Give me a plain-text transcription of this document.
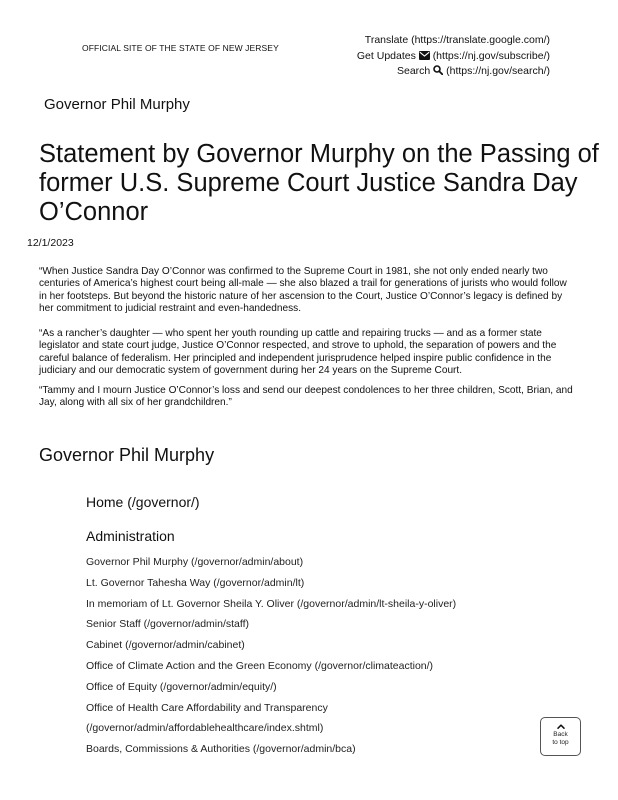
OFFICIAL SITE OF THE STATE OF NEW JERSEY
Translate (https://translate.google.com/)
Get Updates (https://nj.gov/subscribe/)
Search (https://nj.gov/search/)
Governor Phil Murphy
Statement by Governor Murphy on the Passing of former U.S. Supreme Court Justice Sandra Day O’Connor
12/1/2023

“When Justice Sandra Day O’Connor was confirmed to the Supreme Court in 1981, she not only ended nearly two centuries of America’s highest court being all-male — she also blazed a trail for generations of jurists who would follow in her footsteps. But beyond the historic nature of her ascension to the Court, Justice O’Connor’s legacy is defined by her commitment to judicial restraint and even-handedness.

“As a rancher’s daughter — who spent her youth rounding up cattle and repairing trucks — and as a former state legislator and state court judge, Justice O’Connor respected, and strove to uphold, the separation of powers and the careful balance of federalism. Her principled and independent jurisprudence helped inspire public confidence in the judiciary and our democratic system of government during her 24 years on the Supreme Court.

“Tammy and I mourn Justice O’Connor’s loss and send our deepest condolences to her three children, Scott, Brian, and Jay, along with all six of her grandchildren.”

Governor Phil Murphy
Home (/governor/)
Administration
Governor Phil Murphy (/governor/admin/about)
Lt. Governor Tahesha Way (/governor/admin/lt)
In memoriam of Lt. Governor Sheila Y. Oliver (/governor/admin/lt-sheila-y-oliver)
Senior Staff (/governor/admin/staff)
Cabinet (/governor/admin/cabinet)
Office of Climate Action and the Green Economy (/governor/climateaction/)
Office of Equity (/governor/admin/equity/)
Office of Health Care Affordability and Transparency
(/governor/admin/affordablehealthcare/index.shtml)
Boards, Commissions & Authorities (/governor/admin/bca)
Back
to top
